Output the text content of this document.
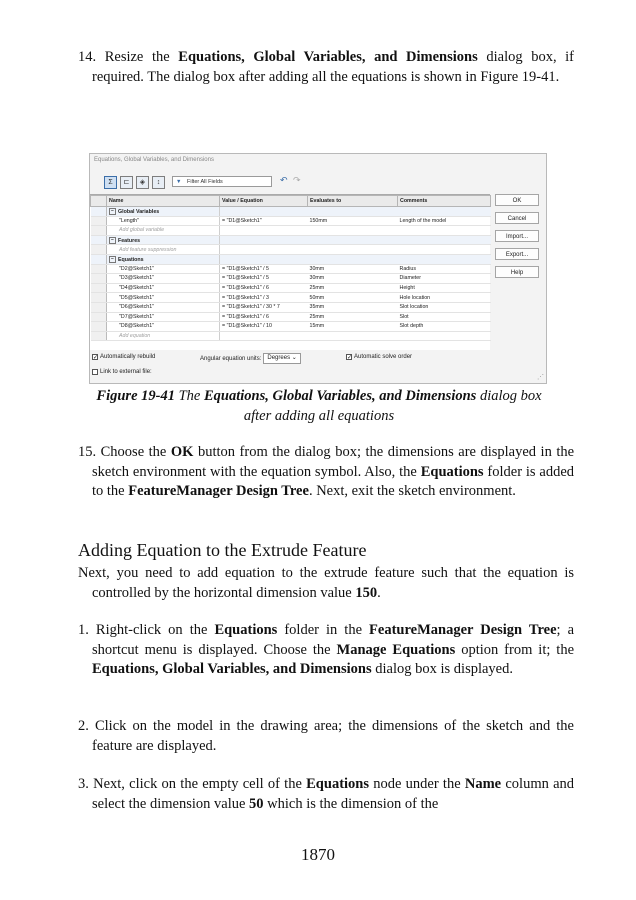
14. Resize the Equations, Global Variables, and Dimensions dialog box, if required. The dialog box after adding all the equations is shown in Figure 19-41.

Equations, Global Variables, and Dimensions
Σ	⊏	◈	↕	▼ Filter All Fields	↶ ↷
	Name	Value / Equation	Evaluates to	Comments
	− Global Variables			
	"Length"	= "D1@Sketch1"	150mm	Length of the model
	Add global variable			
	− Features			
	Add feature suppression			
	− Equations			
	"D2@Sketch1"	= "D1@Sketch1" / 5	30mm	Radius
	"D3@Sketch1"	= "D1@Sketch1" / 5	30mm	Diameter
	"D4@Sketch1"	= "D1@Sketch1" / 6	25mm	Height
	"D5@Sketch1"	= "D1@Sketch1" / 3	50mm	Hole location
	"D6@Sketch1"	= "D1@Sketch1" / 30 * 7	35mm	Slot location
	"D7@Sketch1"	= "D1@Sketch1" / 6	25mm	Slot
	"D8@Sketch1"	= "D1@Sketch1" / 10	15mm	Slot depth
	Add equation			
OK
Cancel
Import...
Export...
Help
✓ Automatically rebuild	Angular equation units:	Degrees ⌄	✓ Automatic solve order
Link to external file:
⋰
Figure 19-41 The Equations, Global Variables, and Dimensions dialog box after adding all equations

15. Choose the OK button from the dialog box; the dimensions are displayed in the sketch environment with the equation symbol. Also, the Equations folder is added to the FeatureManager Design Tree. Next, exit the sketch environment.

Adding Equation to the Extrude Feature

Next, you need to add equation to the extrude feature such that the equation is controlled by the horizontal dimension value 150.

1. Right-click on the Equations folder in the FeatureManager Design Tree; a shortcut menu is displayed. Choose the Manage Equations option from it; the Equations, Global Variables, and Dimensions dialog box is displayed.

2. Click on the model in the drawing area; the dimensions of the sketch and the feature are displayed.

3. Next, click on the empty cell of the Equations node under the Name column and select the dimension value 50 which is the dimension of the

1870
